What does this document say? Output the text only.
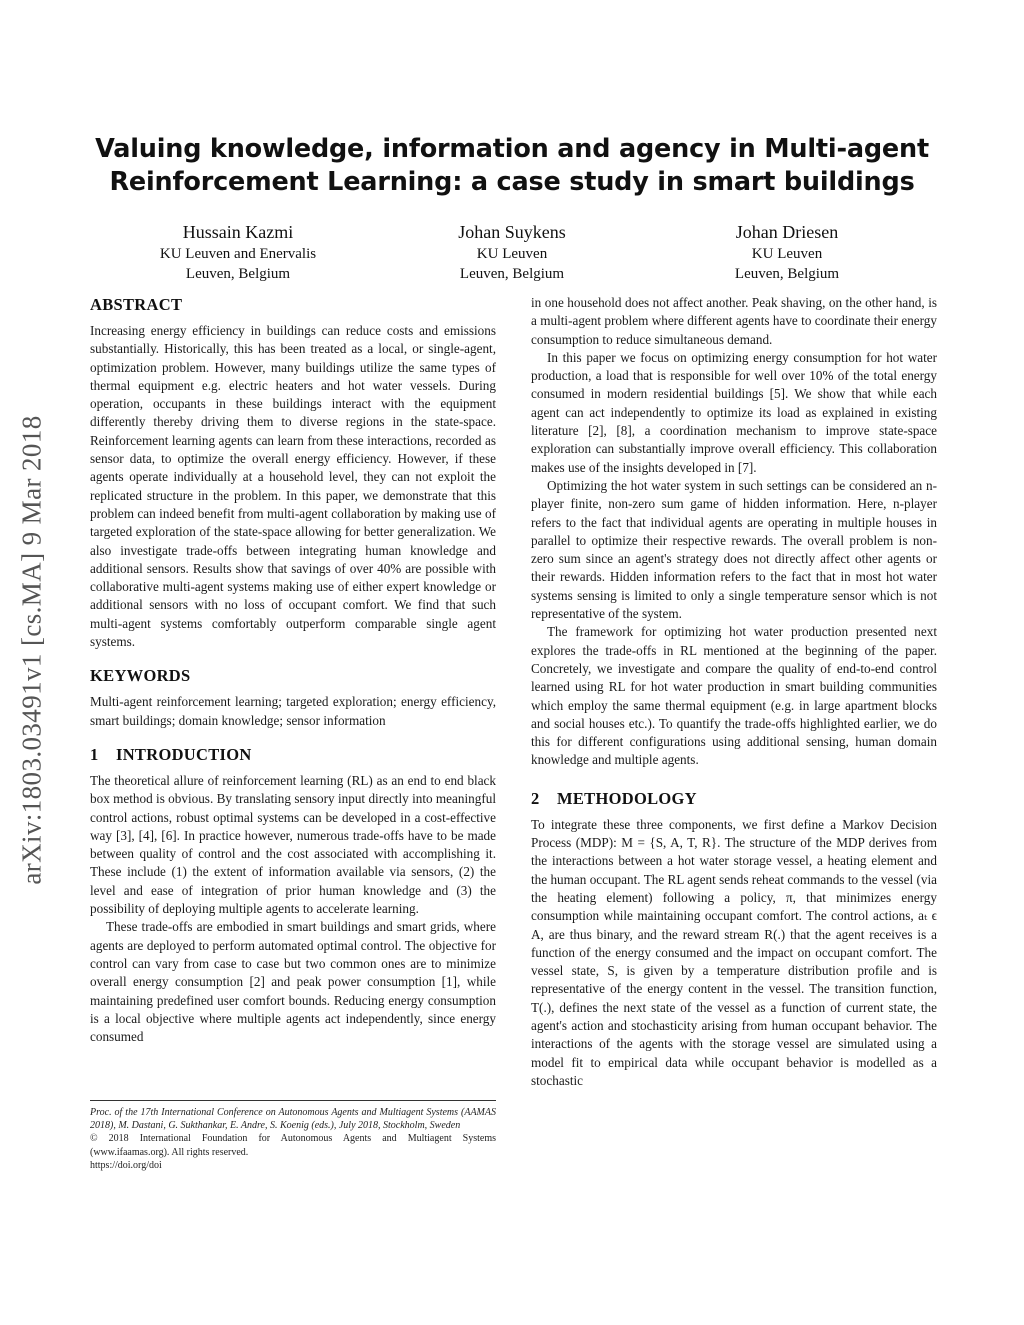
arXiv:1803.03491v1 [cs.MA] 9 Mar 2018
Valuing knowledge, information and agency in Multi-agent
Reinforcement Learning: a case study in smart buildings
Hussain Kazmi
KU Leuven and Enervalis
Leuven, Belgium
Johan Suykens
KU Leuven
Leuven, Belgium
Johan Driesen
KU Leuven
Leuven, Belgium
ABSTRACT

Increasing energy efficiency in buildings can reduce costs and emissions substantially. Historically, this has been treated as a local, or single-agent, optimization problem. However, many buildings utilize the same types of thermal equipment e.g. electric heaters and hot water vessels. During operation, occupants in these buildings interact with the equipment differently thereby driving them to diverse regions in the state-space. Reinforcement learning agents can learn from these interactions, recorded as sensor data, to optimize the overall energy efficiency. However, if these agents operate individually at a household level, they can not exploit the replicated structure in the problem. In this paper, we demonstrate that this problem can indeed benefit from multi-agent collaboration by making use of targeted exploration of the state-space allowing for better generalization. We also investigate trade-offs between integrating human knowledge and additional sensors. Results show that savings of over 40% are possible with collaborative multi-agent systems making use of either expert knowledge or additional sensors with no loss of occupant comfort. We find that such multi-agent systems comfortably outperform comparable single agent systems.

KEYWORDS

Multi-agent reinforcement learning; targeted exploration; energy efficiency, smart buildings; domain knowledge; sensor information

1 INTRODUCTION

The theoretical allure of reinforcement learning (RL) as an end to end black box method is obvious. By translating sensory input directly into meaningful control actions, robust optimal systems can be developed in a cost-effective way [3], [4], [6]. In practice however, numerous trade-offs have to be made between quality of control and the cost associated with accomplishing it. These include (1) the extent of information available via sensors, (2) the level and ease of integration of prior human knowledge and (3) the possibility of deploying multiple agents to accelerate learning.

These trade-offs are embodied in smart buildings and smart grids, where agents are deployed to perform automated optimal control. The objective for control can vary from case to case but two common ones are to minimize overall energy consumption [2] and peak power consumption [1], while maintaining predefined user comfort bounds. Reducing energy consumption is a local objective where multiple agents act independently, since energy consumed

Proc. of the 17th International Conference on Autonomous Agents and Multiagent Systems (AAMAS 2018), M. Dastani, G. Sukthankar, E. Andre, S. Koenig (eds.), July 2018, Stockholm, Sweden

© 2018 International Foundation for Autonomous Agents and Multiagent Systems (www.ifaamas.org). All rights reserved.

https://doi.org/doi

in one household does not affect another. Peak shaving, on the other hand, is a multi-agent problem where different agents have to coordinate their energy consumption to reduce simultaneous demand.

In this paper we focus on optimizing energy consumption for hot water production, a load that is responsible for well over 10% of the total energy consumed in modern residential buildings [5]. We show that while each agent can act independently to optimize its load as explained in existing literature [2], [8], a coordination mechanism to improve state-space exploration can substantially improve overall efficiency. This collaboration makes use of the insights developed in [7].

Optimizing the hot water system in such settings can be considered an n-player finite, non-zero sum game of hidden information. Here, n-player refers to the fact that individual agents are operating in multiple houses in parallel to optimize their respective rewards. The overall problem is non-zero sum since an agent's strategy does not directly affect other agents or their rewards. Hidden information refers to the fact that in most hot water systems sensing is limited to only a single temperature sensor which is not representative of the system.

The framework for optimizing hot water production presented next explores the trade-offs in RL mentioned at the beginning of the paper. Concretely, we investigate and compare the quality of end-to-end control learned using RL for hot water production in smart building communities which employ the same thermal equipment (e.g. in large apartment blocks and social houses etc.). To quantify the trade-offs highlighted earlier, we do this for different configurations using additional sensing, human domain knowledge and multiple agents.

2 METHODOLOGY

To integrate these three components, we first define a Markov Decision Process (MDP): M = {S, A, T, R}. The structure of the MDP derives from the interactions between a hot water storage vessel, a heating element and the human occupant. The RL agent sends reheat commands to the vessel (via the heating element) following a policy, π, that minimizes energy consumption while maintaining occupant comfort. The control actions, aₜ ϵ A, are thus binary, and the reward stream R(.) that the agent receives is a function of the energy consumed and the impact on occupant comfort. The vessel state, S, is given by a temperature distribution profile and is representative of the energy content in the vessel. The transition function, T(.), defines the next state of the vessel as a function of current state, the agent's action and stochasticity arising from human occupant behavior. The interactions of the agents with the storage vessel are simulated using a model fit to empirical data while occupant behavior is modelled as a stochastic
